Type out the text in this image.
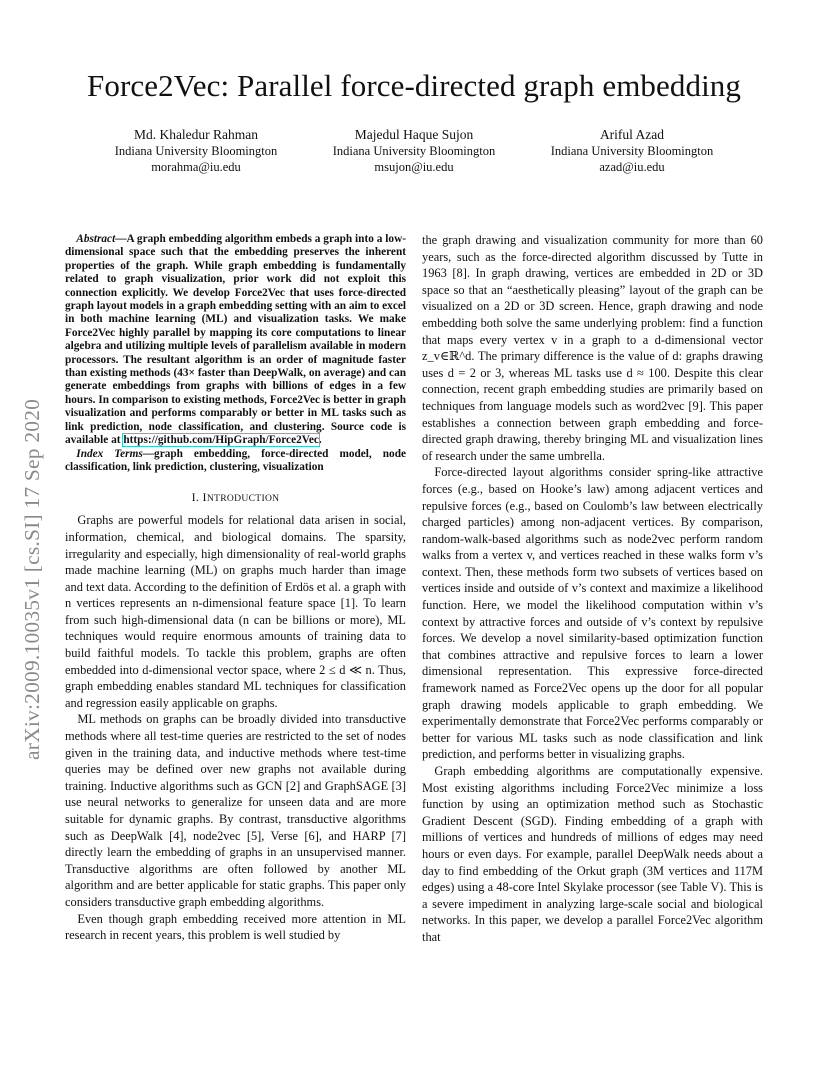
Force2Vec: Parallel force-directed graph embedding
Md. Khaledur Rahman
Indiana University Bloomington
morahma@iu.edu
Majedul Haque Sujon
Indiana University Bloomington
msujon@iu.edu
Ariful Azad
Indiana University Bloomington
azad@iu.edu
arXiv:2009.10035v1 [cs.SI] 17 Sep 2020

Abstract—A graph embedding algorithm embeds a graph into a low-dimensional space such that the embedding preserves the inherent properties of the graph. While graph embedding is fundamentally related to graph visualization, prior work did not exploit this connection explicitly. We develop Force2Vec that uses force-directed graph layout models in a graph embedding setting with an aim to excel in both machine learning (ML) and visualization tasks. We make Force2Vec highly parallel by mapping its core computations to linear algebra and utilizing multiple levels of parallelism available in modern processors. The resultant algorithm is an order of magnitude faster than existing methods (43× faster than DeepWalk, on average) and can generate embeddings from graphs with billions of edges in a few hours. In comparison to existing methods, Force2Vec is better in graph visualization and performs comparably or better in ML tasks such as link prediction, node classification, and clustering. Source code is available at https://github.com/HipGraph/Force2Vec.

Index Terms—graph embedding, force-directed model, node classification, link prediction, clustering, visualization

I. INTRODUCTION

Graphs are powerful models for relational data arisen in social, information, chemical, and biological domains. The sparsity, irregularity and especially, high dimensionality of real-world graphs made machine learning (ML) on graphs much harder than image and text data. According to the definition of Erdös et al. a graph with n vertices represents an n-dimensional feature space [1]. To learn from such high-dimensional data (n can be billions or more), ML techniques would require enormous amounts of training data to build faithful models. To tackle this problem, graphs are often embedded into d-dimensional vector space, where 2 ≤ d ≪ n. Thus, graph embedding enables standard ML techniques for classification and regression easily applicable on graphs.

ML methods on graphs can be broadly divided into transductive methods where all test-time queries are restricted to the set of nodes given in the training data, and inductive methods where test-time queries may be defined over new graphs not available during training. Inductive algorithms such as GCN [2] and GraphSAGE [3] use neural networks to generalize for unseen data and are more suitable for dynamic graphs. By contrast, transductive algorithms such as DeepWalk [4], node2vec [5], Verse [6], and HARP [7] directly learn the embedding of graphs in an unsupervised manner. Transductive algorithms are often followed by another ML algorithm and are better applicable for static graphs. This paper only considers transductive graph embedding algorithms.

Even though graph embedding received more attention in ML research in recent years, this problem is well studied by

the graph drawing and visualization community for more than 60 years, such as the force-directed algorithm discussed by Tutte in 1963 [8]. In graph drawing, vertices are embedded in 2D or 3D space so that an “aesthetically pleasing” layout of the graph can be visualized on a 2D or 3D screen. Hence, graph drawing and node embedding both solve the same underlying problem: find a function that maps every vertex v in a graph to a d-dimensional vector z_v∈ℝ^d. The primary difference is the value of d: graphs drawing uses d = 2 or 3, whereas ML tasks use d ≈ 100. Despite this clear connection, recent graph embedding studies are primarily based on techniques from language models such as word2vec [9]. This paper establishes a connection between graph embedding and force-directed graph drawing, thereby bringing ML and visualization lines of research under the same umbrella.

Force-directed layout algorithms consider spring-like attractive forces (e.g., based on Hooke’s law) among adjacent vertices and repulsive forces (e.g., based on Coulomb’s law between electrically charged particles) among non-adjacent vertices. By comparison, random-walk-based algorithms such as node2vec perform random walks from a vertex v, and vertices reached in these walks form v’s context. Then, these methods form two subsets of vertices based on vertices inside and outside of v’s context and maximize a likelihood function. Here, we model the likelihood computation within v’s context by attractive forces and outside of v’s context by repulsive forces. We develop a novel similarity-based optimization function that combines attractive and repulsive forces to learn a lower dimensional representation. This expressive force-directed framework named as Force2Vec opens up the door for all popular graph drawing models applicable to graph embedding. We experimentally demonstrate that Force2Vec performs comparably or better for various ML tasks such as node classification and link prediction, and performs better in visualizing graphs.

Graph embedding algorithms are computationally expensive. Most existing algorithms including Force2Vec minimize a loss function by using an optimization method such as Stochastic Gradient Descent (SGD). Finding embedding of a graph with millions of vertices and hundreds of millions of edges may need hours or even days. For example, parallel DeepWalk needs about a day to find embedding of the Orkut graph (3M vertices and 117M edges) using a 48-core Intel Skylake processor (see Table V). This is a severe impediment in analyzing large-scale social and biological networks. In this paper, we develop a parallel Force2Vec algorithm that
